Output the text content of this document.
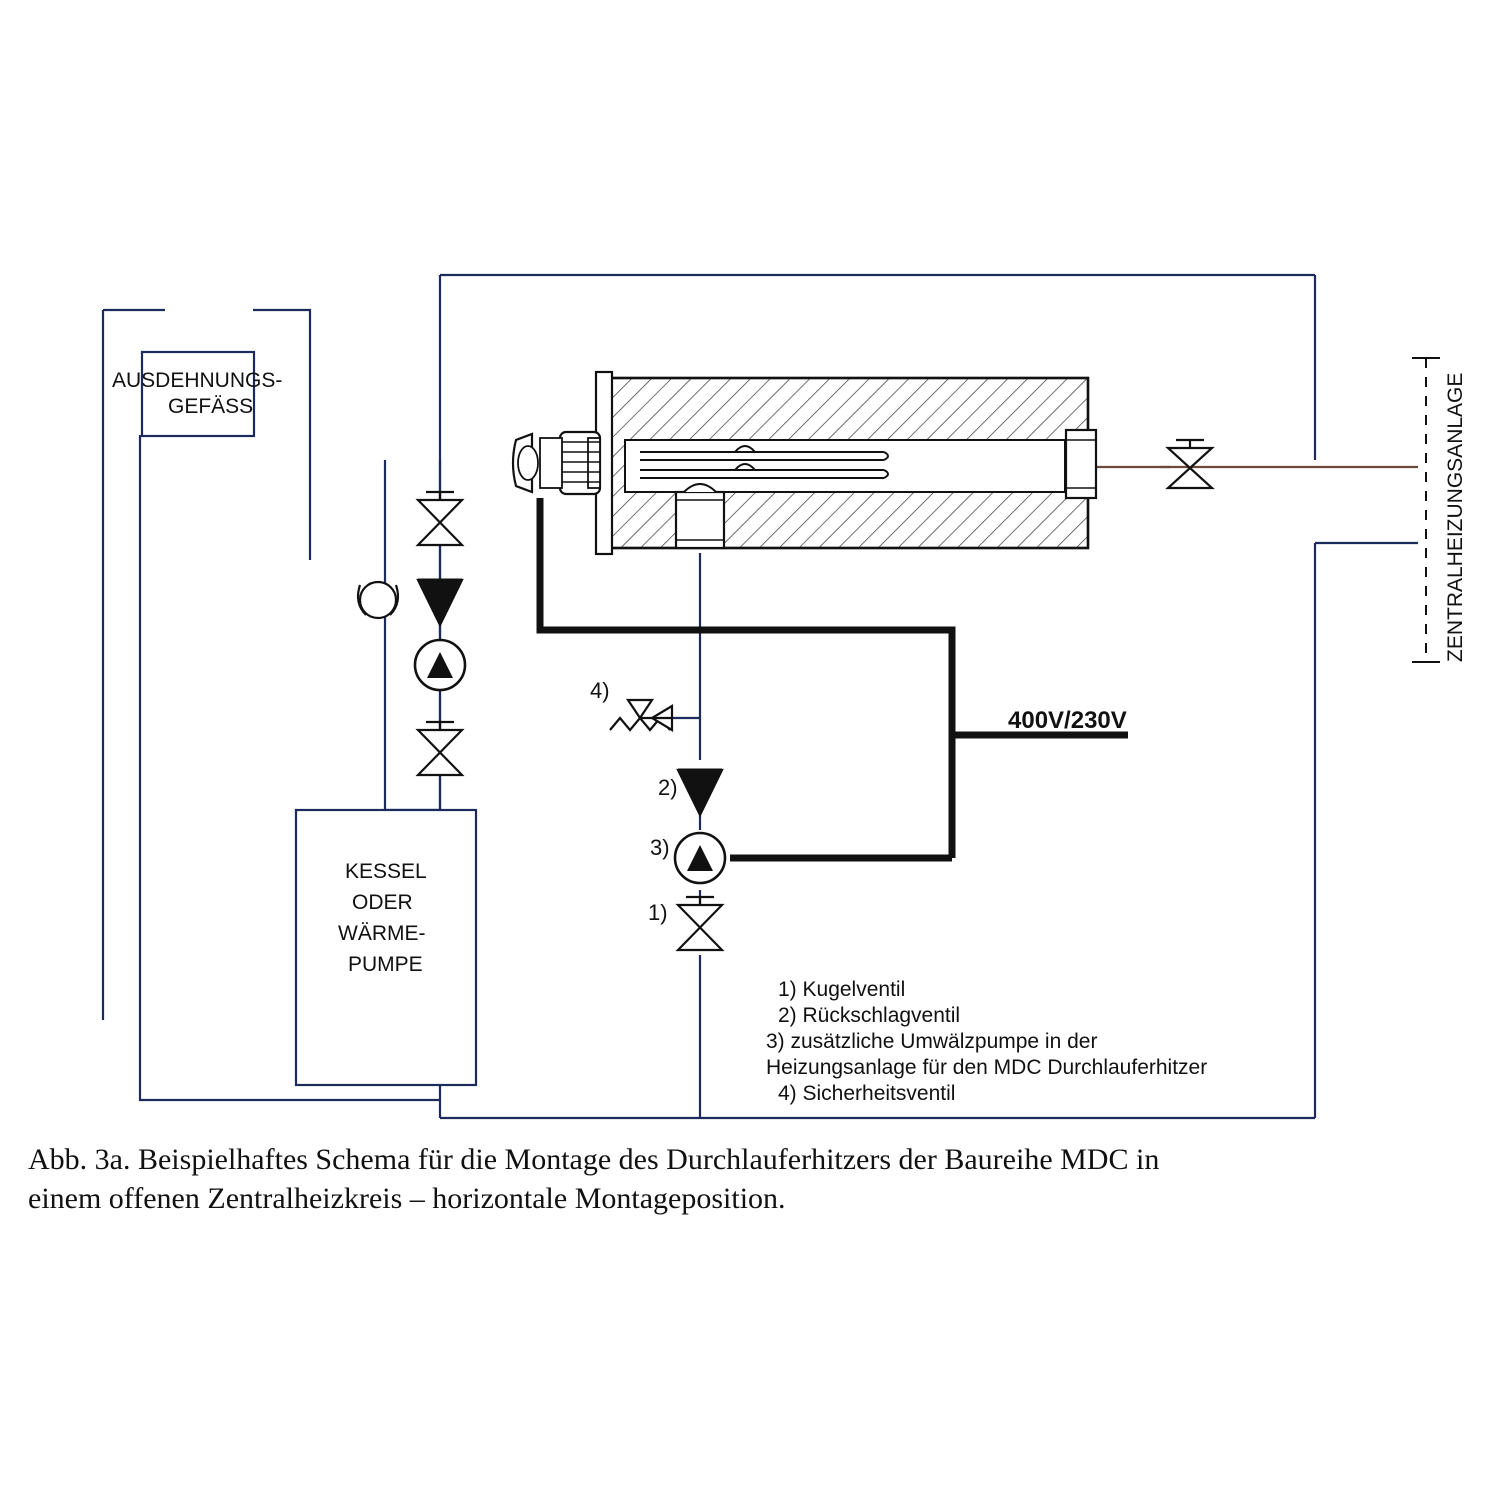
AUSDEHNUNGS-
GEFÄSS
KESSEL
ODER
WÄRME-
PUMPE
ZENTRALHEIZUNGSANLAGE
400V/230V
4)
2)
3)
1)
1) Kugelventil
2) Rückschlagventil
3) zusätzliche Umwälzpumpe in der
Heizungsanlage für den MDC Durchlauferhitzer
4) Sicherheitsventil
Abb. 3a. Beispielhaftes Schema für die Montage des Durchlauferhitzers der Baureihe MDC in
einem offenen Zentralheizkreis – horizontale Montageposition.
